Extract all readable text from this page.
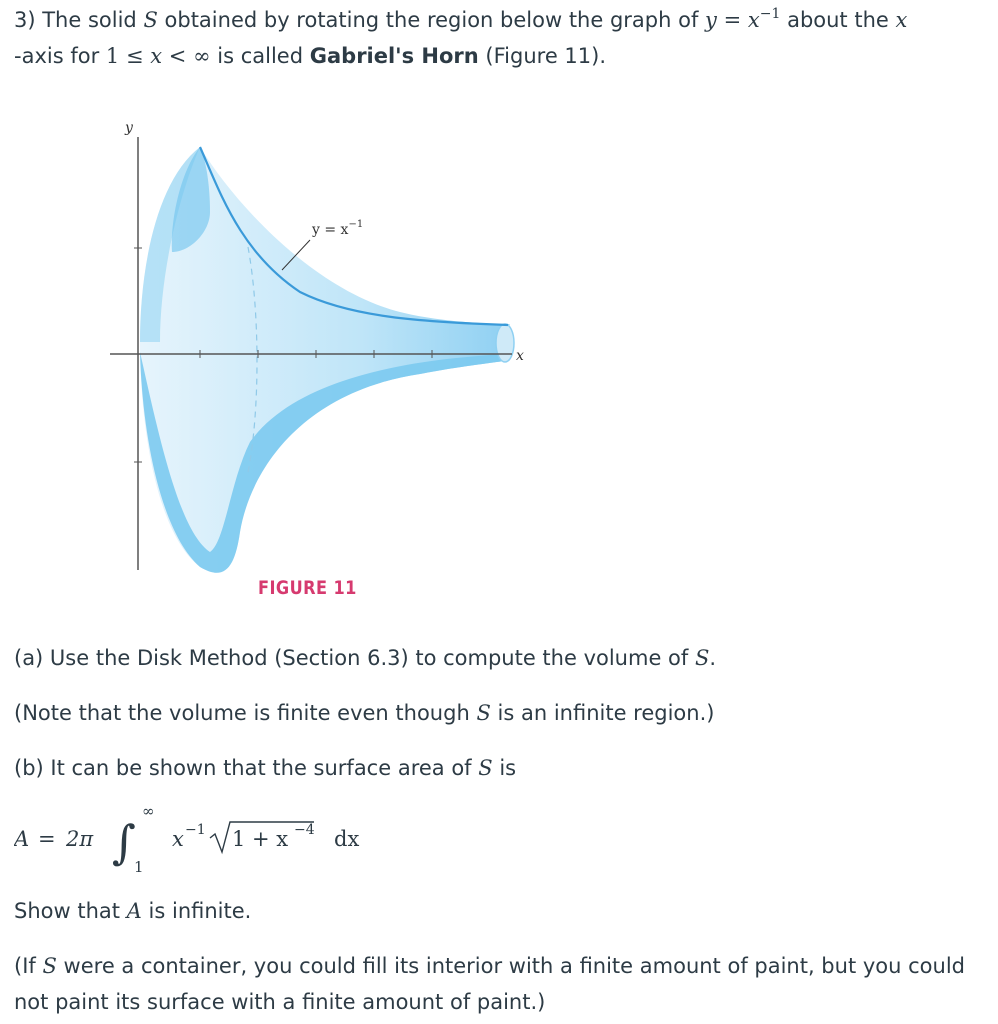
3) The solid S obtained by rotating the region below the graph of $y = x^{-1}$ about the x
-axis for 1 ≤ x < ∞ is called Gabriel's Horn (Figure 11).
y
x
$y = x^{-1}$
FIGURE 11
(a) Use the Disk Method (Section 6.3) to compute the volume of S.
(Note that the volume is finite even though S is an infinite region.)
(b) It can be shown that the surface area of S is
A = 2π ∫
∞
1
x −1 1 + x −4 dx
Show that A is infinite.
(If S were a container, you could fill its interior with a finite amount of paint, but you could
not paint its surface with a finite amount of paint.)
